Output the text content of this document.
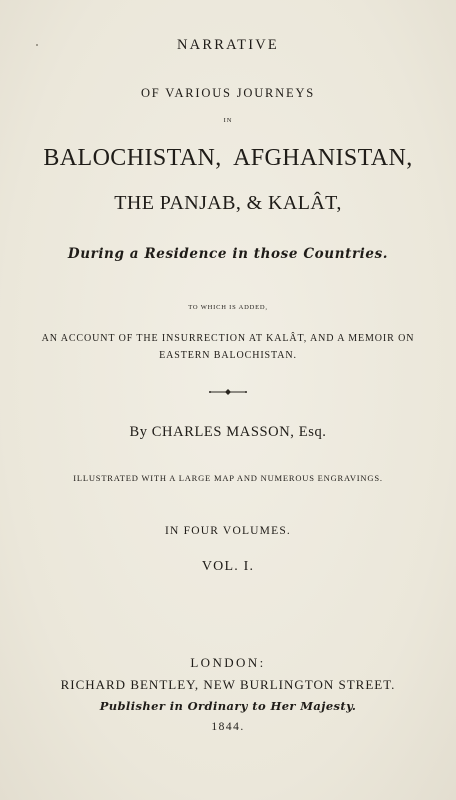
NARRATIVE
OF VARIOUS JOURNEYS
IN
BALOCHISTAN,  AFGHANISTAN,
THE PANJAB, & KALÂT,
During a Residence in those Countries.
TO WHICH IS ADDED,
AN ACCOUNT OF THE INSURRECTION AT KALÂT, AND A MEMOIR ON
EASTERN BALOCHISTAN.
By CHARLES MASSON, Esq.
ILLUSTRATED WITH A LARGE MAP AND NUMEROUS ENGRAVINGS.
IN FOUR VOLUMES.
VOL. I.
LONDON:
RICHARD BENTLEY, NEW BURLINGTON STREET.
Publisher in Ordinary to Her Majesty.
1844.
